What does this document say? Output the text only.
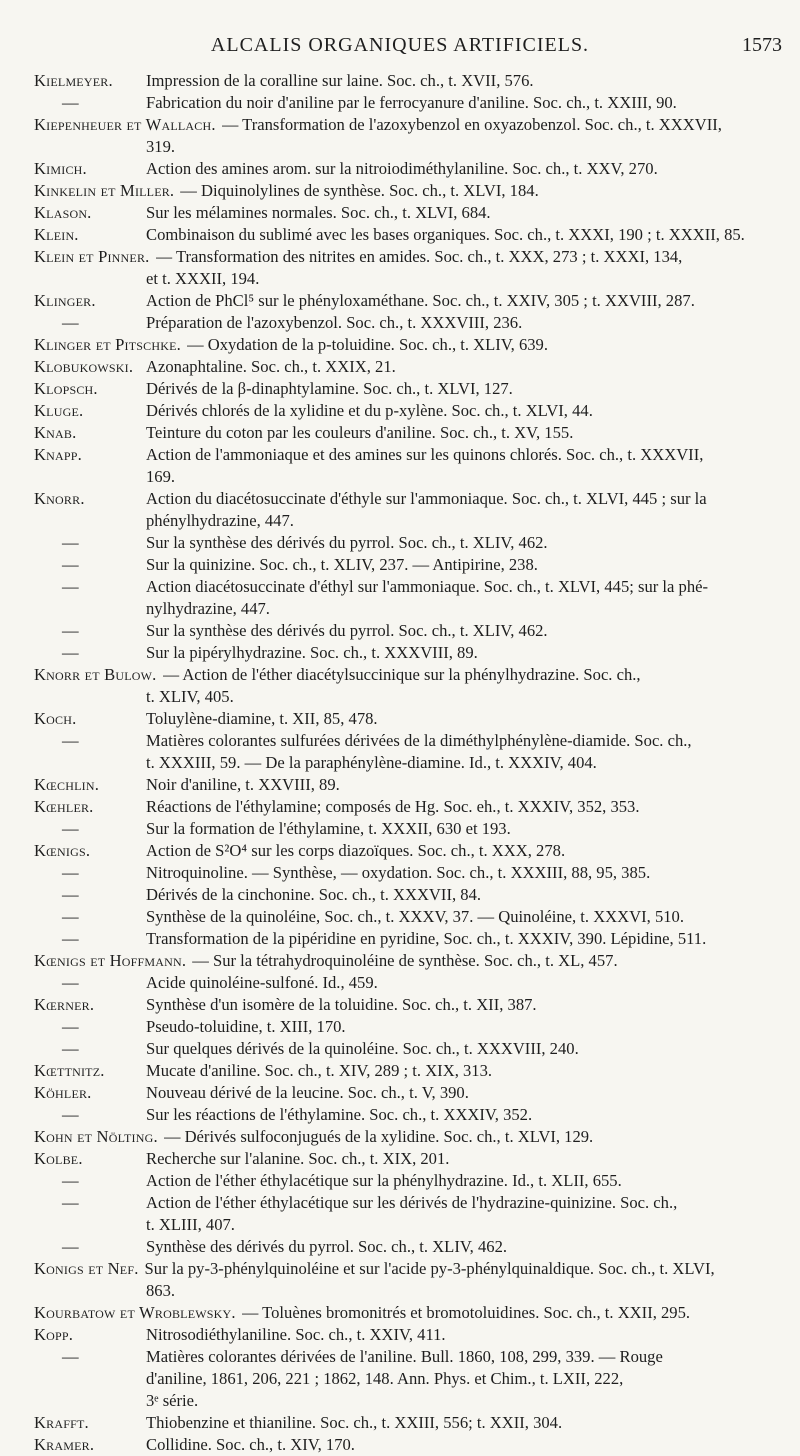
ALCALIS ORGANIQUES ARTIFICIELS.	1573
Kielmeyer.	Impression de la coralline sur laine. Soc. ch., t. XVII, 576.
—	Fabrication du noir d'aniline par le ferrocyanure d'aniline. Soc. ch., t. XXIII, 90.
Kiepenheuer et Wallach. — Transformation de l'azoxybenzol en oxyazobenzol. Soc. ch., t. XXXVII,
319.
Kimich.	Action des amines arom. sur la nitroiodiméthylaniline. Soc. ch., t. XXV, 270.
Kinkelin et Miller. — Diquinolylines de synthèse. Soc. ch., t. XLVI, 184.
Klason.	Sur les mélamines normales. Soc. ch., t. XLVI, 684.
Klein.	Combinaison du sublimé avec les bases organiques. Soc. ch., t. XXXI, 190 ; t. XXXII, 85.
Klein et Pinner. — Transformation des nitrites en amides. Soc. ch., t. XXX, 273 ; t. XXXI, 134,
et t. XXXII, 194.
Klinger.	Action de PhCl⁵ sur le phényloxaméthane. Soc. ch., t. XXIV, 305 ; t. XXVIII, 287.
—	Préparation de l'azoxybenzol. Soc. ch., t. XXXVIII, 236.
Klinger et Pitschke. — Oxydation de la p-toluidine. Soc. ch., t. XLIV, 639.
Klobukowski. Azonaphtaline. Soc. ch., t. XXIX, 21.
Klopsch.	Dérivés de la β-dinaphtylamine. Soc. ch., t. XLVI, 127.
Kluge.	Dérivés chlorés de la xylidine et du p-xylène. Soc. ch., t. XLVI, 44.
Knab.	Teinture du coton par les couleurs d'aniline. Soc. ch., t. XV, 155.
Knapp.	Action de l'ammoniaque et des amines sur les quinons chlorés. Soc. ch., t. XXXVII,
169.
Knorr.	Action du diacétosuccinate d'éthyle sur l'ammoniaque. Soc. ch., t. XLVI, 445 ; sur la
phénylhydrazine, 447.
—	Sur la synthèse des dérivés du pyrrol. Soc. ch., t. XLIV, 462.
—	Sur la quinizine. Soc. ch., t. XLIV, 237. — Antipirine, 238.
—	Action diacétosuccinate d'éthyl sur l'ammoniaque. Soc. ch., t. XLVI, 445; sur la phé-
nylhydrazine, 447.
—	Sur la synthèse des dérivés du pyrrol. Soc. ch., t. XLIV, 462.
—	Sur la pipérylhydrazine. Soc. ch., t. XXXVIII, 89.
Knorr et Bulow. — Action de l'éther diacétylsuccinique sur la phénylhydrazine. Soc. ch.,
t. XLIV, 405.
Koch.	Toluylène-diamine, t. XII, 85, 478.
—	Matières colorantes sulfurées dérivées de la diméthylphénylène-diamide. Soc. ch.,
t. XXXIII, 59. — De la paraphénylène-diamine. Id., t. XXXIV, 404.
Kœchlin.	Noir d'aniline, t. XXVIII, 89.
Kœhler.	Réactions de l'éthylamine; composés de Hg. Soc. eh., t. XXXIV, 352, 353.
—	Sur la formation de l'éthylamine, t. XXXII, 630 et 193.
Kœnigs.	Action de S²O⁴ sur les corps diazoïques. Soc. ch., t. XXX, 278.
—	Nitroquinoline. — Synthèse, — oxydation. Soc. ch., t. XXXIII, 88, 95, 385.
—	Dérivés de la cinchonine. Soc. ch., t. XXXVII, 84.
—	Synthèse de la quinoléine, Soc. ch., t. XXXV, 37. — Quinoléine, t. XXXVI, 510.
—	Transformation de la pipéridine en pyridine, Soc. ch., t. XXXIV, 390. Lépidine, 511.
Kœnigs et Hoffmann. — Sur la tétrahydroquinoléine de synthèse. Soc. ch., t. XL, 457.
—	Acide quinoléine-sulfoné. Id., 459.
Kœrner.	Synthèse d'un isomère de la toluidine. Soc. ch., t. XII, 387.
—	Pseudo-toluidine, t. XIII, 170.
—	Sur quelques dérivés de la quinoléine. Soc. ch., t. XXXVIII, 240.
Kœttnitz.	Mucate d'aniline. Soc. ch., t. XIV, 289 ; t. XIX, 313.
Köhler.	Nouveau dérivé de la leucine. Soc. ch., t. V, 390.
—	Sur les réactions de l'éthylamine. Soc. ch., t. XXXIV, 352.
Kohn et Nölting. — Dérivés sulfoconjugués de la xylidine. Soc. ch., t. XLVI, 129.
Kolbe.	Recherche sur l'alanine. Soc. ch., t. XIX, 201.
—	Action de l'éther éthylacétique sur la phénylhydrazine. Id., t. XLII, 655.
—	Action de l'éther éthylacétique sur les dérivés de l'hydrazine-quinizine. Soc. ch.,
t. XLIII, 407.
—	Synthèse des dérivés du pyrrol. Soc. ch., t. XLIV, 462.
Konigs et Nef. Sur la py-3-phénylquinoléine et sur l'acide py-3-phénylquinaldique. Soc. ch., t. XLVI,
863.
Kourbatow et Wroblewsky. — Toluènes bromonitrés et bromotoluidines. Soc. ch., t. XXII, 295.
Kopp.	Nitrosodiéthylaniline. Soc. ch., t. XXIV, 411.
—	Matières colorantes dérivées de l'aniline. Bull. 1860, 108, 299, 339. — Rouge
d'aniline, 1861, 206, 221 ; 1862, 148. Ann. Phys. et Chim., t. LXII, 222,
3ᵉ série.
Krafft.	Thiobenzine et thianiline. Soc. ch., t. XXIII, 556; t. XXII, 304.
Kramer.	Collidine. Soc. ch., t. XIV, 170.
